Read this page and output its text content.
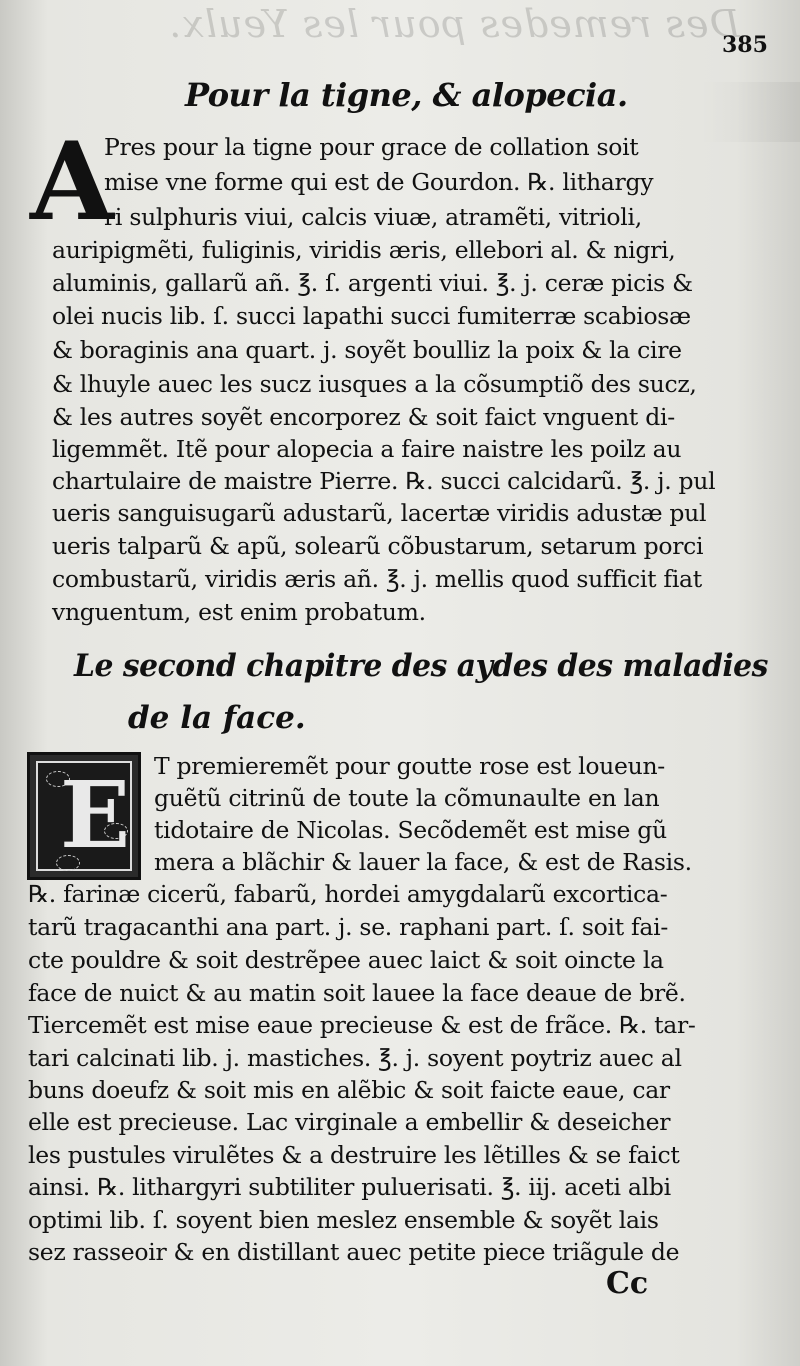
Des remedes pour les Yeulx.
385
Pour la tigne, & alopecia.
A
Pres pour la tigne pour grace de collation soit
mise vne forme qui est de Gourdon. ℞. lithargy
ri sulphuris viui, calcis viuæ, atramẽti, vitrioli,
auripigmẽti, fuliginis, viridis æris, ellebori al. & nigri,
aluminis, gallarũ añ. ℥. ſ. argenti viui. ℥. j. ceræ picis &
olei nucis lib. ſ. succi lapathi succi fumiterræ scabiosæ
& boraginis ana quart. j. soyẽt boulliz la poix & la cire
& lhuyle auec les sucz iusques a la cõsumptiõ des sucz,
& les autres soyẽt encorporez & soit faict vnguent di-
ligemmẽt. Itẽ pour alopecia a faire naistre les poilz au
chartulaire de maistre Pierre. ℞. succi calcidarũ. ℥. j. pul
ueris sanguisugarũ adustarũ, lacertæ viridis adustæ pul
ueris talparũ & apũ, solearũ cõbustarum, setarum porci
combustarũ, viridis æris añ. ℥. j. mellis quod sufficit fiat
vnguentum, est enim probatum.
Le second chapitre des aydes des maladies
de la face.
E T premieremẽt pour goutte rose est loueun-
guẽtũ citrinũ de toute la cõmunaulte en lan
tidotaire de Nicolas. Secõdemẽt est mise gũ
mera a blãchir & lauer la face, & est de Rasis.
℞. farinæ cicerũ, fabarũ, hordei amygdalarũ excortica-
tarũ tragacanthi ana part. j. se. raphani part. ſ. soit fai-
cte pouldre & soit destrẽpee auec laict & soit oincte la
face de nuict & au matin soit lauee la face deaue de brẽ.
Tiercemẽt est mise eaue precieuse & est de frãce. ℞. tar-
tari calcinati lib. j. mastiches. ℥. j. soyent poytriz auec al
buns doeufz & soit mis en alẽbic & soit faicte eaue, car
elle est precieuse. Lac virginale a embellir & deseicher
les pustules virulẽtes & a destruire les lẽtilles & se faict
ainsi. ℞. lithargyri subtiliter puluerisati. ℥. iij. aceti albi
optimi lib. ſ. soyent bien meslez ensemble & soyẽt lais
sez rasseoir & en distillant auec petite piece triãgule de
Cc
